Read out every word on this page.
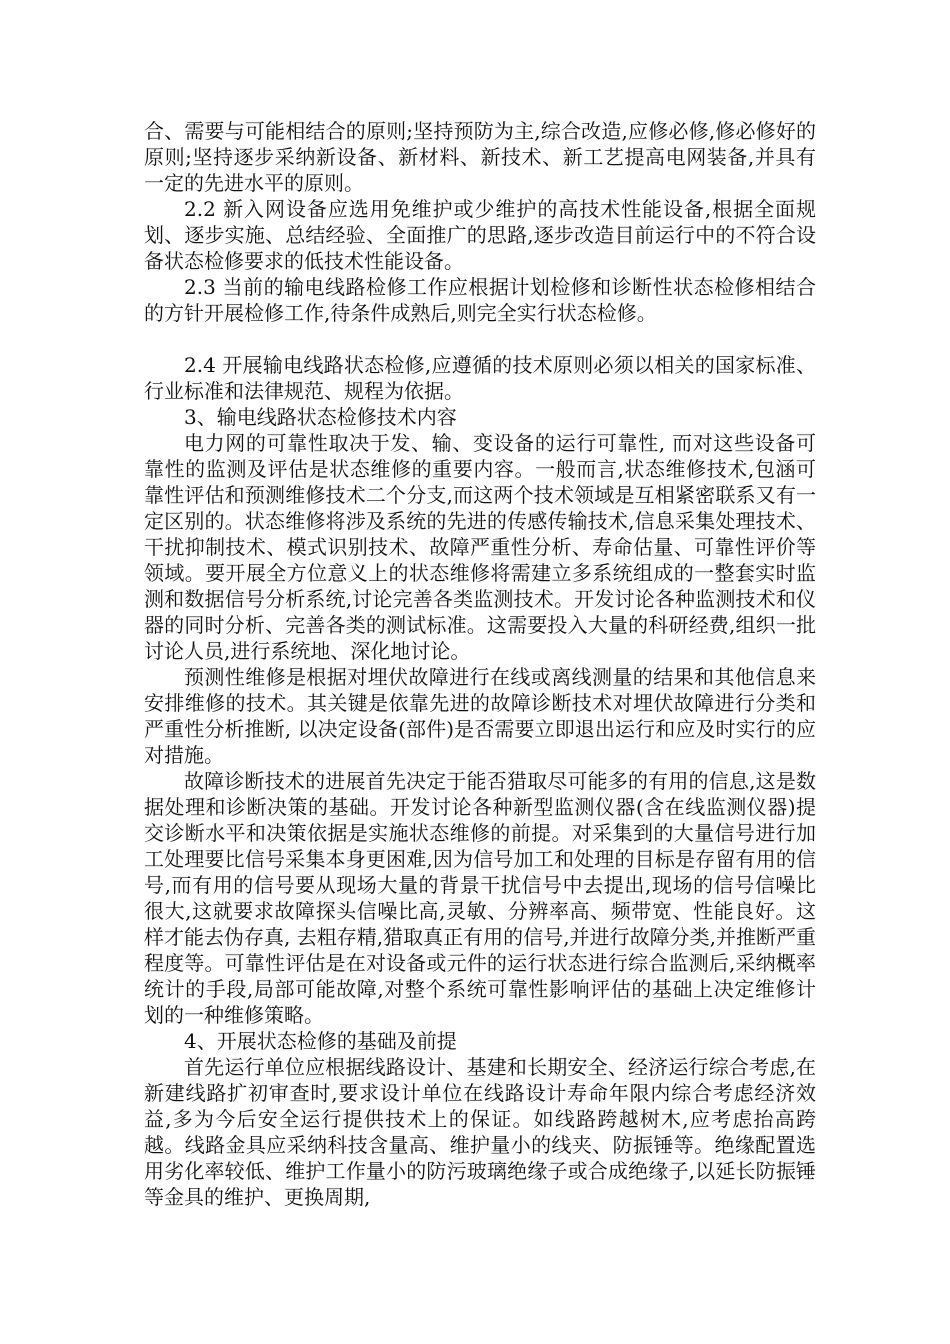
合、需要与可能相结合的原则;坚持预防为主,综合改造,应修必修,修必修好的原则;坚持逐步采纳新设备、新材料、新技术、新工艺提高电网装备,并具有一定的先进水平的原则。

2.2 新入网设备应选用免维护或少维护的高技术性能设备,根据全面规划、逐步实施、总结经验、全面推广的思路,逐步改造目前运行中的不符合设备状态检修要求的低技术性能设备。

2.3 当前的输电线路检修工作应根据计划检修和诊断性状态检修相结合的方针开展检修工作,待条件成熟后,则完全实行状态检修。

2.4 开展输电线路状态检修,应遵循的技术原则必须以相关的国家标准、行业标准和法律规范、规程为依据。

3、输电线路状态检修技术内容

电力网的可靠性取决于发、输、变设备的运行可靠性, 而对这些设备可靠性的监测及评估是状态维修的重要内容。一般而言,状态维修技术,包涵可靠性评估和预测维修技术二个分支,而这两个技术领域是互相紧密联系又有一定区别的。状态维修将涉及系统的先进的传感传输技术,信息采集处理技术、干扰抑制技术、模式识别技术、故障严重性分析、寿命估量、可靠性评价等领域。要开展全方位意义上的状态维修将需建立多系统组成的一整套实时监测和数据信号分析系统,讨论完善各类监测技术。开发讨论各种监测技术和仪器的同时分析、完善各类的测试标准。这需要投入大量的科研经费,组织一批讨论人员,进行系统地、深化地讨论。

预测性维修是根据对埋伏故障进行在线或离线测量的结果和其他信息来安排维修的技术。其关键是依靠先进的故障诊断技术对埋伏故障进行分类和严重性分析推断, 以决定设备(部件)是否需要立即退出运行和应及时实行的应对措施。

故障诊断技术的进展首先决定于能否猎取尽可能多的有用的信息,这是数据处理和诊断决策的基础。开发讨论各种新型监测仪器(含在线监测仪器)提交诊断水平和决策依据是实施状态维修的前提。对采集到的大量信号进行加工处理要比信号采集本身更困难,因为信号加工和处理的目标是存留有用的信号,而有用的信号要从现场大量的背景干扰信号中去提出,现场的信号信噪比很大,这就要求故障探头信噪比高,灵敏、分辨率高、频带宽、性能良好。这样才能去伪存真, 去粗存精,猎取真正有用的信号,并进行故障分类,并推断严重程度等。可靠性评估是在对设备或元件的运行状态进行综合监测后,采纳概率统计的手段,局部可能故障,对整个系统可靠性影响评估的基础上决定维修计划的一种维修策略。

4、开展状态检修的基础及前提

首先运行单位应根据线路设计、基建和长期安全、经济运行综合考虑,在新建线路扩初审查时,要求设计单位在线路设计寿命年限内综合考虑经济效益,多为今后安全运行提供技术上的保证。如线路跨越树木,应考虑抬高跨越。线路金具应采纳科技含量高、维护量小的线夹、防振锤等。绝缘配置选用劣化率较低、维护工作量小的防污玻璃绝缘子或合成绝缘子,以延长防振锤等金具的维护、更换周期,
